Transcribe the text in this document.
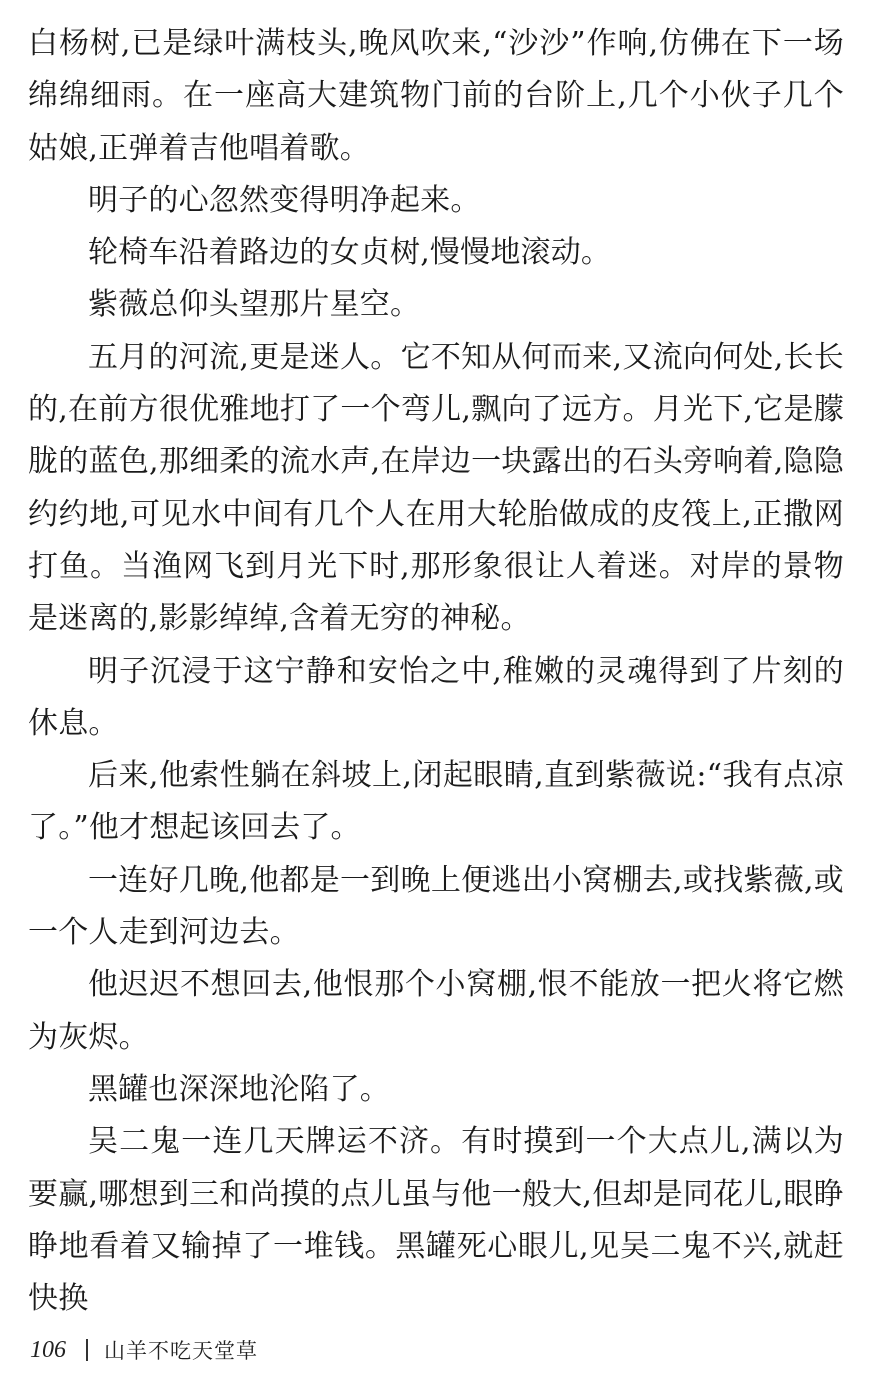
白杨树,已是绿叶满枝头,晚风吹来,“沙沙”作响,仿佛在下一场绵绵细雨。在一座高大建筑物门前的台阶上,几个小伙子几个姑娘,正弹着吉他唱着歌。

明子的心忽然变得明净起来。

轮椅车沿着路边的女贞树,慢慢地滚动。

紫薇总仰头望那片星空。

五月的河流,更是迷人。它不知从何而来,又流向何处,长长的,在前方很优雅地打了一个弯儿,飘向了远方。月光下,它是朦胧的蓝色,那细柔的流水声,在岸边一块露出的石头旁响着,隐隐约约地,可见水中间有几个人在用大轮胎做成的皮筏上,正撒网打鱼。当渔网飞到月光下时,那形象很让人着迷。对岸的景物是迷离的,影影绰绰,含着无穷的神秘。

明子沉浸于这宁静和安怡之中,稚嫩的灵魂得到了片刻的休息。

后来,他索性躺在斜坡上,闭起眼睛,直到紫薇说:“我有点凉了。”他才想起该回去了。

一连好几晚,他都是一到晚上便逃出小窝棚去,或找紫薇,或一个人走到河边去。

他迟迟不想回去,他恨那个小窝棚,恨不能放一把火将它燃为灰烬。

黑罐也深深地沦陷了。

吴二鬼一连几天牌运不济。有时摸到一个大点儿,满以为要赢,哪想到三和尚摸的点儿虽与他一般大,但却是同花儿,眼睁睁地看着又输掉了一堆钱。黑罐死心眼儿,见吴二鬼不兴,就赶快换

106 山羊不吃天堂草
